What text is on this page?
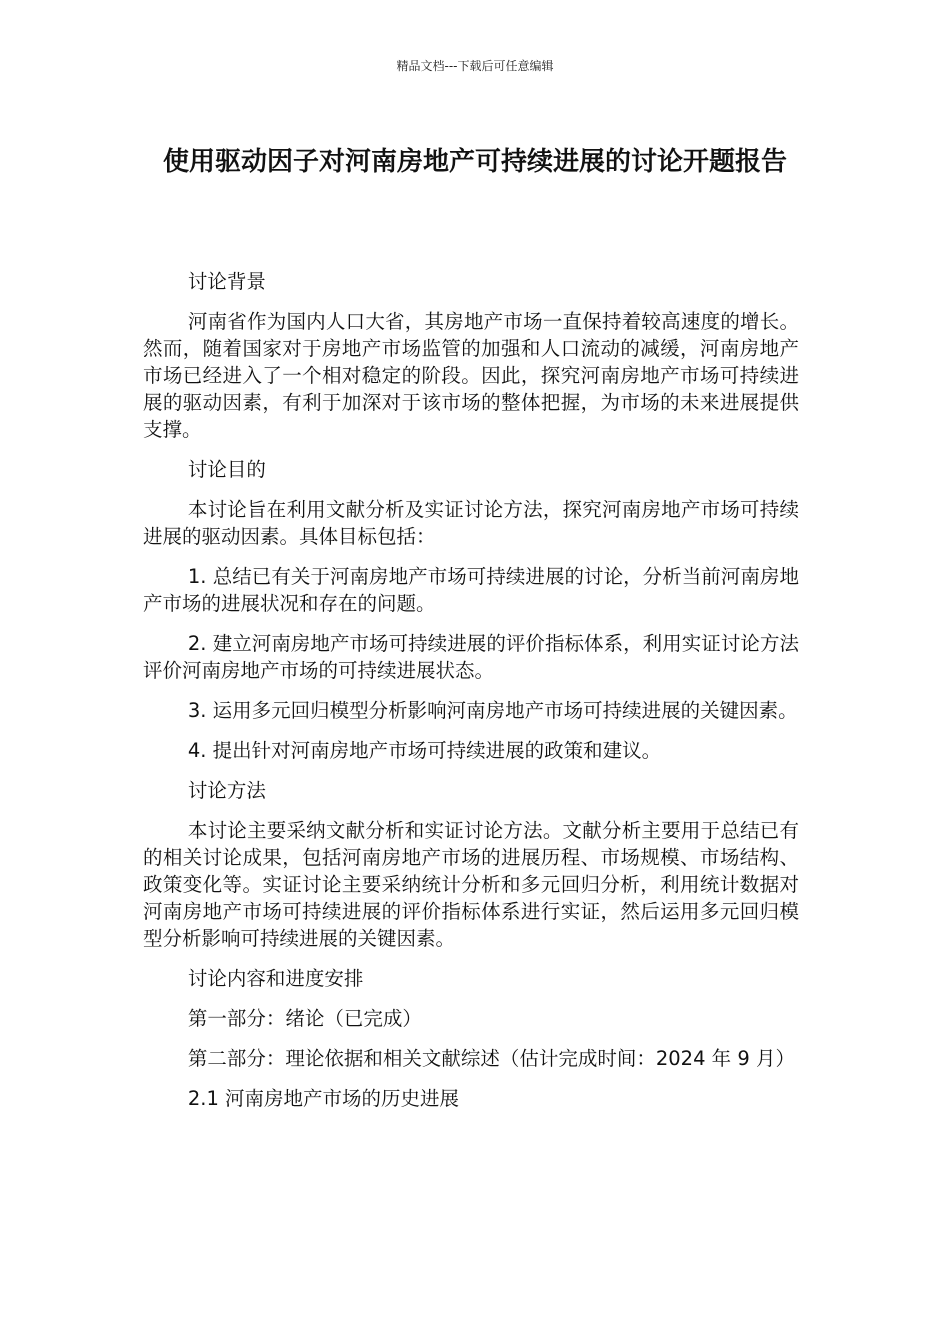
精品文档---下载后可任意编辑
使用驱动因子对河南房地产可持续进展的讨论开题报告

讨论背景

河南省作为国内人口大省，其房地产市场一直保持着较高速度的增长。然而，随着国家对于房地产市场监管的加强和人口流动的减缓，河南房地产市场已经进入了一个相对稳定的阶段。因此，探究河南房地产市场可持续进展的驱动因素，有利于加深对于该市场的整体把握，为市场的未来进展提供支撑。

讨论目的

本讨论旨在利用文献分析及实证讨论方法，探究河南房地产市场可持续进展的驱动因素。具体目标包括：

1. 总结已有关于河南房地产市场可持续进展的讨论，分析当前河南房地产市场的进展状况和存在的问题。

2. 建立河南房地产市场可持续进展的评价指标体系，利用实证讨论方法评价河南房地产市场的可持续进展状态。

3. 运用多元回归模型分析影响河南房地产市场可持续进展的关键因素。

4. 提出针对河南房地产市场可持续进展的政策和建议。

讨论方法

本讨论主要采纳文献分析和实证讨论方法。文献分析主要用于总结已有的相关讨论成果，包括河南房地产市场的进展历程、市场规模、市场结构、政策变化等。实证讨论主要采纳统计分析和多元回归分析，利用统计数据对河南房地产市场可持续进展的评价指标体系进行实证，然后运用多元回归模型分析影响可持续进展的关键因素。

讨论内容和进度安排

第一部分：绪论（已完成）

第二部分：理论依据和相关文献综述（估计完成时间：2024 年 9 月）

2.1 河南房地产市场的历史进展
